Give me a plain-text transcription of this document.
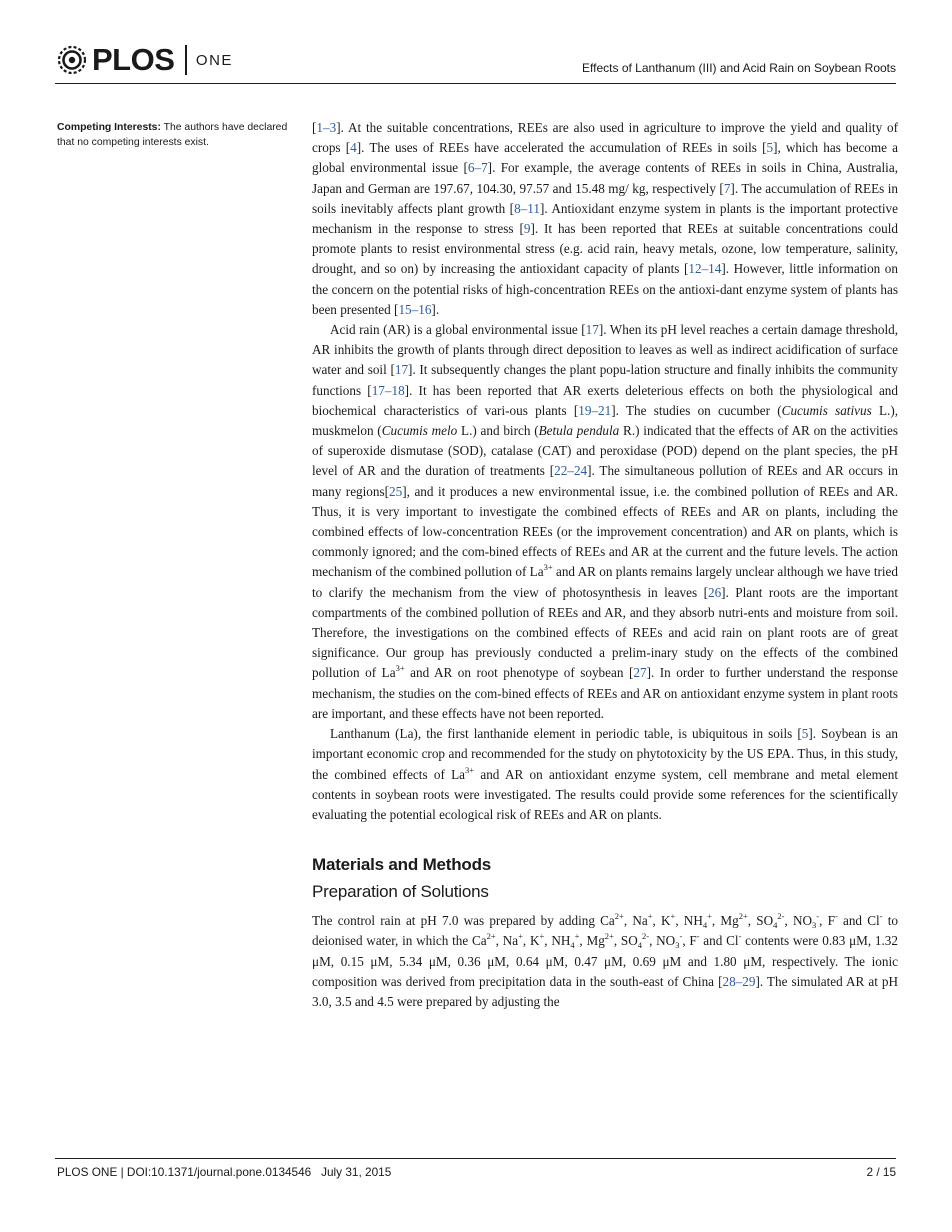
PLOS ONE	Effects of Lanthanum (III) and Acid Rain on Soybean Roots
Competing Interests: The authors have declared that no competing interests exist.

[1–3]. At the suitable concentrations, REEs are also used in agriculture to improve the yield and quality of crops [4]. The uses of REEs have accelerated the accumulation of REEs in soils [5], which has become a global environmental issue [6–7]. For example, the average contents of REEs in soils in China, Australia, Japan and German are 197.67, 104.30, 97.57 and 15.48 mg/ kg, respectively [7]. The accumulation of REEs in soils inevitably affects plant growth [8–11]. Antioxidant enzyme system in plants is the important protective mechanism in the response to stress [9]. It has been reported that REEs at suitable concentrations could promote plants to resist environmental stress (e.g. acid rain, heavy metals, ozone, low temperature, salinity, drought, and so on) by increasing the antioxidant capacity of plants [12–14]. However, little information on the concern on the potential risks of high-concentration REEs on the antioxi-dant enzyme system of plants has been presented [15–16].

Acid rain (AR) is a global environmental issue [17]. When its pH level reaches a certain damage threshold, AR inhibits the growth of plants through direct deposition to leaves as well as indirect acidification of surface water and soil [17]. It subsequently changes the plant popu-lation structure and finally inhibits the community functions [17–18]. It has been reported that AR exerts deleterious effects on both the physiological and biochemical characteristics of vari-ous plants [19–21]. The studies on cucumber (Cucumis sativus L.), muskmelon (Cucumis melo L.) and birch (Betula pendula R.) indicated that the effects of AR on the activities of superoxide dismutase (SOD), catalase (CAT) and peroxidase (POD) depend on the plant species, the pH level of AR and the duration of treatments [22–24]. The simultaneous pollution of REEs and AR occurs in many regions[25], and it produces a new environmental issue, i.e. the combined pollution of REEs and AR. Thus, it is very important to investigate the combined effects of REEs and AR on plants, including the combined effects of low-concentration REEs (or the improvement concentration) and AR on plants, which is commonly ignored; and the com-bined effects of REEs and AR at the current and the future levels. The action mechanism of the combined pollution of $La^{3+}$ and AR on plants remains largely unclear although we have tried to clarify the mechanism from the view of photosynthesis in leaves [26]. Plant roots are the important compartments of the combined pollution of REEs and AR, and they absorb nutri-ents and moisture from soil. Therefore, the investigations on the combined effects of REEs and acid rain on plant roots are of great significance. Our group has previously conducted a prelim-inary study on the effects of the combined pollution of $La^{3+}$ and AR on root phenotype of soybean [27]. In order to further understand the response mechanism, the studies on the com-bined effects of REEs and AR on antioxidant enzyme system in plant roots are important, and these effects have not been reported.

Lanthanum (La), the first lanthanide element in periodic table, is ubiquitous in soils [5]. Soybean is an important economic crop and recommended for the study on phytotoxicity by the US EPA. Thus, in this study, the combined effects of $La^{3+}$ and AR on antioxidant enzyme system, cell membrane and metal element contents in soybean roots were investigated. The results could provide some references for the scientifically evaluating the potential ecological risk of REEs and AR on plants.

Materials and Methods
Preparation of Solutions

The control rain at pH 7.0 was prepared by adding $Ca^{2+}$, Na+, K+, $NH_4^+$, $Mg^{2+}$, $SO_4^{2-}$, $NO_3^-$, F- and Cl- to deionised water, in which the $Ca^{2+}$, Na+, K+, $NH_4^+$, $Mg^{2+}$, $SO_4^{2-}$, $NO_3^-$, F- and Cl- contents were 0.83 μM, 1.32 μM, 0.15 μM, 5.34 μM, 0.36 μM, 0.64 μM, 0.47 μM, 0.69 μM and 1.80 μM, respectively. The ionic composition was derived from precipitation data in the south-east of China [28–29]. The simulated AR at pH 3.0, 3.5 and 4.5 were prepared by adjusting the

PLOS ONE | DOI:10.1371/journal.pone.0134546 July 31, 2015	2 / 15
